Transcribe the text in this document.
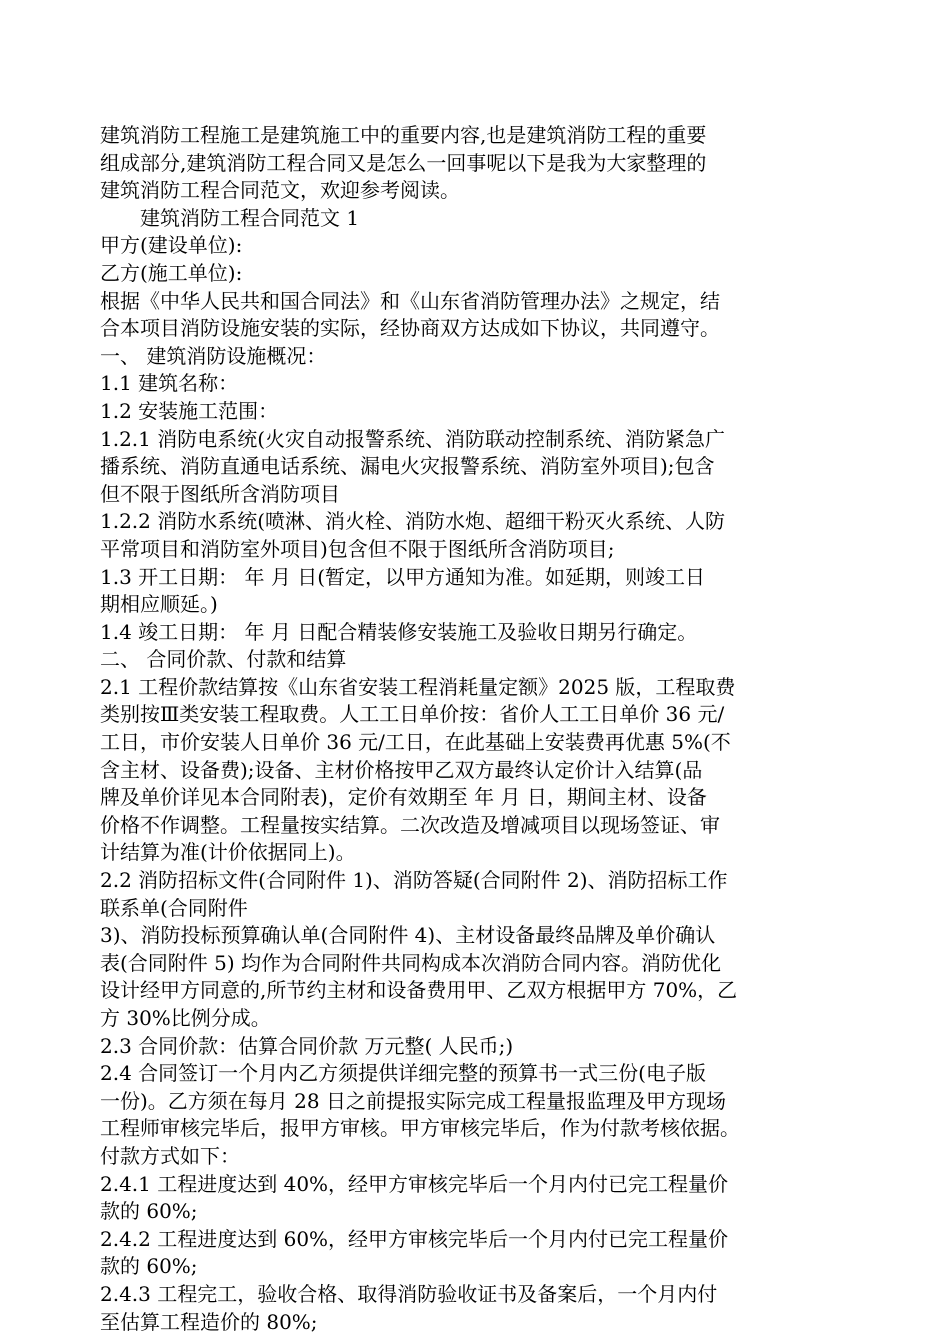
建筑消防工程施工是建筑施工中的重要内容,也是建筑消防工程的重要
组成部分,建筑消防工程合同又是怎么一回事呢以下是我为大家整理的
建筑消防工程合同范文，欢迎参考阅读。
建筑消防工程合同范文 1
甲方(建设单位):
乙方(施工单位):
根据《中华人民共和国合同法》和《山东省消防管理办法》之规定，结
合本项目消防设施安装的实际，经协商双方达成如下协议，共同遵守。
一、 建筑消防设施概况：
1.1 建筑名称：
1.2 安装施工范围：
1.2.1 消防电系统(火灾自动报警系统、消防联动控制系统、消防紧急广
播系统、消防直通电话系统、漏电火灾报警系统、消防室外项目);包含
但不限于图纸所含消防项目
1.2.2 消防水系统(喷淋、消火栓、消防水炮、超细干粉灭火系统、人防
平常项目和消防室外项目)包含但不限于图纸所含消防项目;
1.3 开工日期： 年 月 日(暂定，以甲方通知为准。如延期，则竣工日
期相应顺延。)
1.4 竣工日期： 年 月 日配合精装修安装施工及验收日期另行确定。
二、 合同价款、付款和结算
2.1 工程价款结算按《山东省安装工程消耗量定额》2025 版，工程取费
类别按Ⅲ类安装工程取费。人工工日单价按：省价人工工日单价 36 元/
工日，市价安装人日单价 36 元/工日，在此基础上安装费再优惠 5%(不
含主材、设备费);设备、主材价格按甲乙双方最终认定价计入结算(品
牌及单价详见本合同附表)，定价有效期至 年 月 日，期间主材、设备
价格不作调整。工程量按实结算。二次改造及增减项目以现场签证、审
计结算为准(计价依据同上)。
2.2 消防招标文件(合同附件 1)、消防答疑(合同附件 2)、消防招标工作
联系单(合同附件
3)、消防投标预算确认单(合同附件 4)、主材设备最终品牌及单价确认
表(合同附件 5) 均作为合同附件共同构成本次消防合同内容。消防优化
设计经甲方同意的,所节约主材和设备费用甲、乙双方根据甲方 70%，乙
方 30%比例分成。
2.3 合同价款：估算合同价款 万元整( 人民币;)
2.4 合同签订一个月内乙方须提供详细完整的预算书一式三份(电子版
一份)。乙方须在每月 28 日之前提报实际完成工程量报监理及甲方现场
工程师审核完毕后，报甲方审核。甲方审核完毕后，作为付款考核依据。
付款方式如下：
2.4.1 工程进度达到 40%，经甲方审核完毕后一个月内付已完工程量价
款的 60%;
2.4.2 工程进度达到 60%，经甲方审核完毕后一个月内付已完工程量价
款的 60%;
2.4.3 工程完工，验收合格、取得消防验收证书及备案后，一个月内付
至估算工程造价的 80%;
